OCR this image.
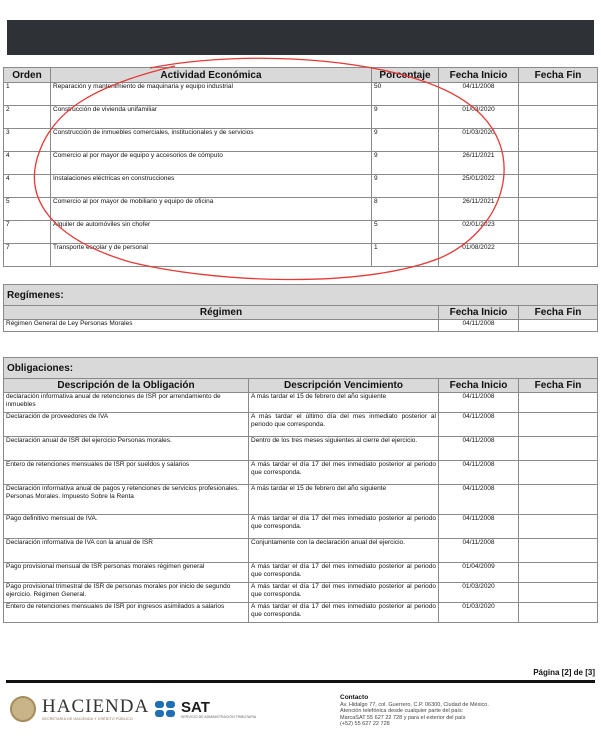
Orden	Actividad Económica	Porcentaje	Fecha Inicio	Fecha Fin
1	Reparación y mantenimiento de maquinaria y equipo industrial	50	04/11/2008	
2	Construcción de vivienda unifamiliar	9	01/03/2020	
3	Construcción de inmuebles comerciales, institucionales y de servicios	9	01/03/2020	
4	Comercio al por mayor de equipo y accesorios de cómputo	9	26/11/2021	
4	Instalaciones eléctricas en construcciones	9	25/01/2022	
5	Comercio al por mayor de mobiliario y equipo de oficina	8	26/11/2021	
7	Alquiler de automóviles sin chofer	5	02/01/2023	
7	Transporte escolar y de personal	1	01/08/2022	
Regímenes:		
Régimen	Fecha Inicio	Fecha Fin
Régimen General de Ley Personas Morales	04/11/2008	
Obligaciones:			
Descripción de la Obligación	Descripción Vencimiento	Fecha Inicio	Fecha Fin
declaración informativa anual de retenciones de ISR por arrendamiento de inmuebles	A más tardar el 15 de febrero del año siguiente	04/11/2008	
Declaración de proveedores de IVA	A más tardar el último día del mes inmediato posterior al periodo que corresponda.	04/11/2008	
Declaración anual de ISR del ejercicio Personas morales.	Dentro de los tres meses siguientes al cierre del ejercicio.	04/11/2008	
Entero de retenciones mensuales de ISR por sueldos y salarios	A más tardar el día 17 del mes inmediato posterior al periodo que corresponda.	04/11/2008	
Declaración informativa anual de pagos y retenciones de servicios profesionales. Personas Morales. Impuesto Sobre la Renta	A más tardar el 15 de febrero del año siguiente	04/11/2008	
Pago definitivo mensual de IVA.	A más tardar el día 17 del mes inmediato posterior al periodo que corresponda.	04/11/2008	
Declaración informativa de IVA con la anual de ISR	Conjuntamente con la declaración anual del ejercicio.	04/11/2008	
Pago provisional mensual de ISR personas morales régimen general	A más tardar el día 17 del mes inmediato posterior al periodo que corresponda.	01/04/2009	
Pago provisional trimestral de ISR de personas morales por inicio de segundo ejercicio. Régimen General.	A más tardar el día 17 del mes inmediato posterior al periodo que corresponda.	01/03/2020	
Entero de retenciones mensuales de ISR por ingresos asimilados a salarios	A más tardar el día 17 del mes inmediato posterior al periodo que corresponda.	01/03/2020	
Página [2] de [3]
HACIENDA
SECRETARÍA DE HACIENDA Y CRÉDITO PÚBLICO
SAT
SERVICIO DE ADMINISTRACIÓN TRIBUTARIA
Contacto
Av. Hidalgo 77, col. Guerrero, C.P. 06300, Ciudad de México.
Atención telefónica desde cualquier parte del país:
MarcaSAT 55 627 22 728 y para el exterior del país
(+52) 55 627 22 728
